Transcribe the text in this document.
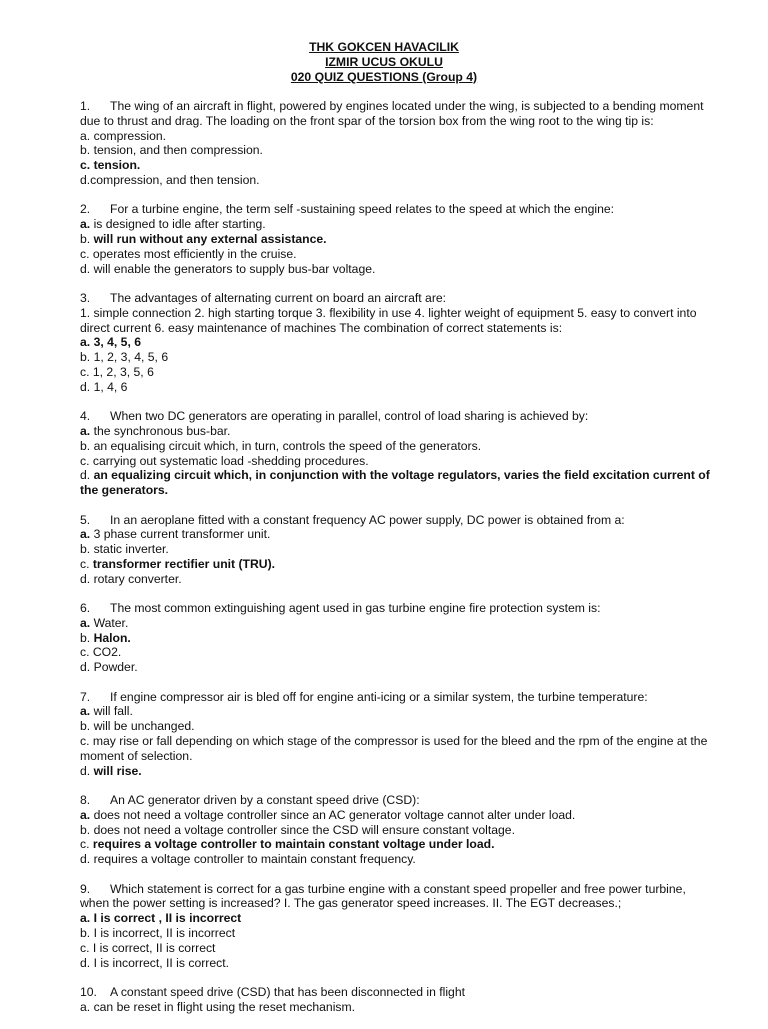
THK GOKCEN HAVACILIK
IZMIR UCUS OKULU
020 QUIZ QUESTIONS (Group 4)

1. The wing of an aircraft in flight, powered by engines located under the wing, is subjected to a bending moment due to thrust and drag. The loading on the front spar of the torsion box from the wing root to the wing tip is:

a. compression.

b. tension, and then compression.

c. tension.

d.compression, and then tension.

2. For a turbine engine, the term self -sustaining speed relates to the speed at which the engine:

a. is designed to idle after starting.

b. will run without any external assistance.

c. operates most efficiently in the cruise.

d. will enable the generators to supply bus-bar voltage.

3. The advantages of alternating current on board an aircraft are:

1. simple connection 2. high starting torque 3. flexibility in use 4. lighter weight of equipment 5. easy to convert into direct current 6. easy maintenance of machines The combination of correct statements is:

a. 3, 4, 5, 6

b. 1, 2, 3, 4, 5, 6

c. 1, 2, 3, 5, 6

d. 1, 4, 6

4. When two DC generators are operating in parallel, control of load sharing is achieved by:

a. the synchronous bus-bar.

b. an equalising circuit which, in turn, controls the speed of the generators.

c. carrying out systematic load -shedding procedures.

d. an equalizing circuit which, in conjunction with the voltage regulators, varies the field excitation current of the generators.

5. In an aeroplane fitted with a constant frequency AC power supply, DC power is obtained from a:

a. 3 phase current transformer unit.

b. static inverter.

c. transformer rectifier unit (TRU).

d. rotary converter.

6. The most common extinguishing agent used in gas turbine engine fire protection system is:

a. Water.

b. Halon.

c. CO2.

d. Powder.

7. If engine compressor air is bled off for engine anti-icing or a similar system, the turbine temperature:

a. will fall.

b. will be unchanged.

c. may rise or fall depending on which stage of the compressor is used for the bleed and the rpm of the engine at the moment of selection.

d. will rise.

8. An AC generator driven by a constant speed drive (CSD):

a. does not need a voltage controller since an AC generator voltage cannot alter under load.

b. does not need a voltage controller since the CSD will ensure constant voltage.

c. requires a voltage controller to maintain constant voltage under load.

d. requires a voltage controller to maintain constant frequency.

9. Which statement is correct for a gas turbine engine with a constant speed propeller and free power turbine, when the power setting is increased? I. The gas generator speed increases. II. The EGT decreases.;

a. I is correct , II is incorrect

b. I is incorrect, II is incorrect

c. I is correct, II is correct

d. I is incorrect, II is correct.

10. A constant speed drive (CSD) that has been disconnected in flight

a. can be reset in flight using the reset mechanism.
